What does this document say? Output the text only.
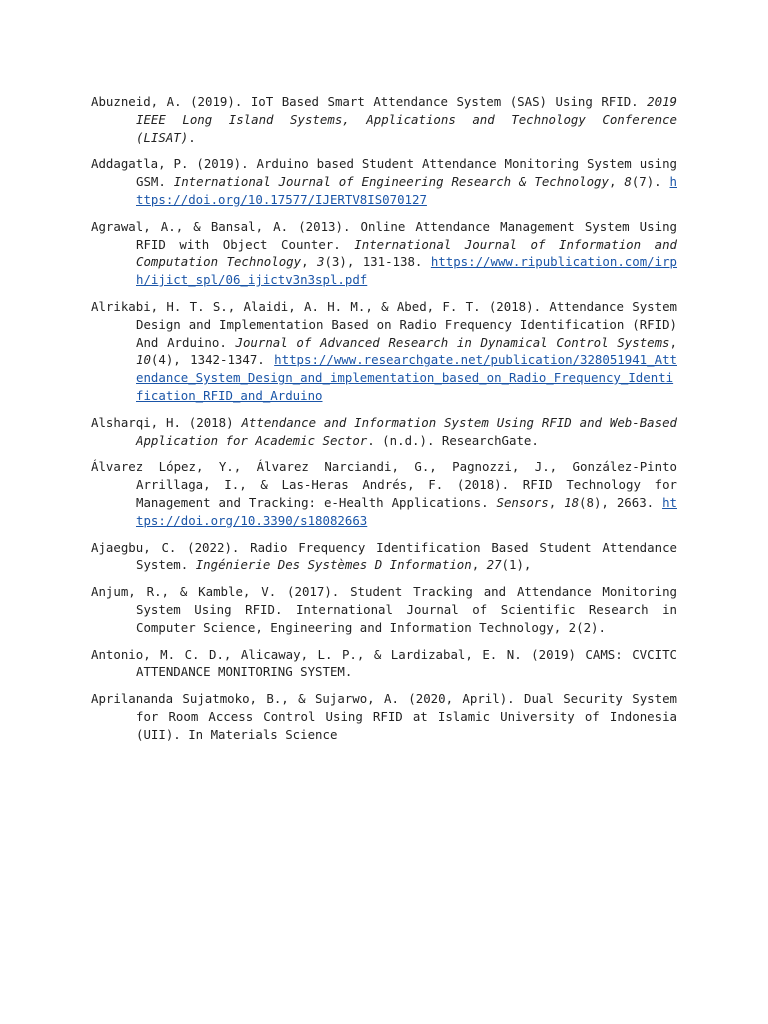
Abuzneid, A. (2019). IoT Based Smart Attendance System (SAS) Using RFID. 2019 IEEE Long Island Systems, Applications and Technology Conference (LISAT).

Addagatla, P. (2019). Arduino based Student Attendance Monitoring System using GSM. International Journal of Engineering Research & Technology, 8(7). https://doi.org/10.17577/IJERTV8IS070127

Agrawal, A., & Bansal, A. (2013). Online Attendance Management System Using RFID with Object Counter. International Journal of Information and Computation Technology, 3(3), 131-138. https://www.ripublication.com/irph/ijict_spl/06_ijictv3n3spl.pdf

Alrikabi, H. T. S., Alaidi, A. H. M., & Abed, F. T. (2018). Attendance System Design and Implementation Based on Radio Frequency Identification (RFID) And Arduino. Journal of Advanced Research in Dynamical Control Systems, 10(4), 1342-1347. https://www.researchgate.net/publication/328051941_Attendance_System_Design_and_implementation_based_on_Radio_Frequency_Identification_RFID_and_Arduino

Alsharqi, H. (2018) Attendance and Information System Using RFID and Web-Based Application for Academic Sector. (n.d.). ResearchGate.

Álvarez López, Y., Álvarez Narciandi, G., Pagnozzi, J., González-Pinto Arrillaga, I., & Las-Heras Andrés, F. (2018). RFID Technology for Management and Tracking: e-Health Applications. Sensors, 18(8), 2663. https://doi.org/10.3390/s18082663

Ajaegbu, C. (2022). Radio Frequency Identification Based Student Attendance System. Ingénierie Des Systèmes D Information, 27(1),

Anjum, R., & Kamble, V. (2017). Student Tracking and Attendance Monitoring System Using RFID. International Journal of Scientific Research in Computer Science, Engineering and Information Technology, 2(2).

Antonio, M. C. D., Alicaway, L. P., & Lardizabal, E. N. (2019) CAMS: CVCITC ATTENDANCE MONITORING SYSTEM.

Aprilananda Sujatmoko, B., & Sujarwo, A. (2020, April). Dual Security System for Room Access Control Using RFID at Islamic University of Indonesia (UII). In Materials Science
